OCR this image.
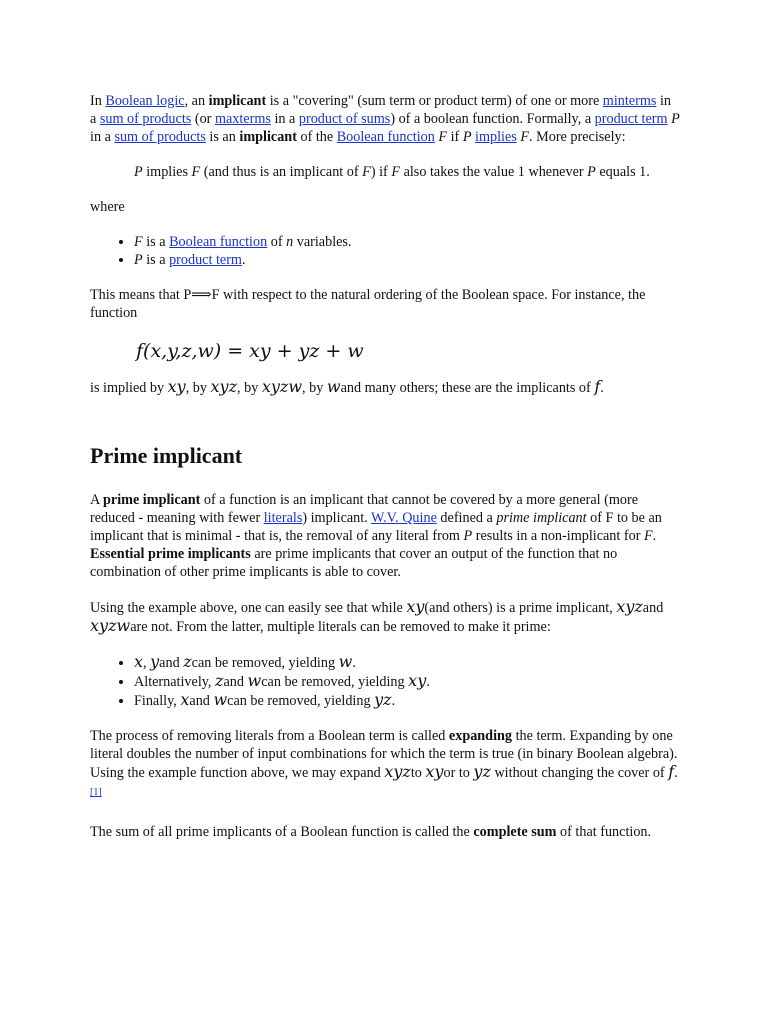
In Boolean logic, an implicant is a "covering" (sum term or product term) of one or more minterms in a sum of products (or maxterms in a product of sums) of a boolean function. Formally, a product term P in a sum of products is an implicant of the Boolean function F if P implies F. More precisely:

P implies F (and thus is an implicant of F) if F also takes the value 1 whenever P equals 1.

where

• F is a Boolean function of n variables.
• P is a product term.

This means that P⟹F with respect to the natural ordering of the Boolean space. For instance, the function

f(x,y,z,w) = xy + yz + w

is implied by xy, by xyz, by xyzw, by wand many others; these are the implicants of f.

Prime implicant

A prime implicant of a function is an implicant that cannot be covered by a more general (more reduced - meaning with fewer literals) implicant. W.V. Quine defined a prime implicant of F to be an implicant that is minimal - that is, the removal of any literal from P results in a non-implicant for F. Essential prime implicants are prime implicants that cover an output of the function that no combination of other prime implicants is able to cover.

Using the example above, one can easily see that while xy(and others) is a prime implicant, xyzand xyzware not. From the latter, multiple literals can be removed to make it prime:

• x, yand zcan be removed, yielding w.
• Alternatively, zand wcan be removed, yielding xy.
• Finally, xand wcan be removed, yielding yz.

The process of removing literals from a Boolean term is called expanding the term. Expanding by one literal doubles the number of input combinations for which the term is true (in binary Boolean algebra). Using the example function above, we may expand xyzto xyor to yz without changing the cover of f. [1]

The sum of all prime implicants of a Boolean function is called the complete sum of that function.
